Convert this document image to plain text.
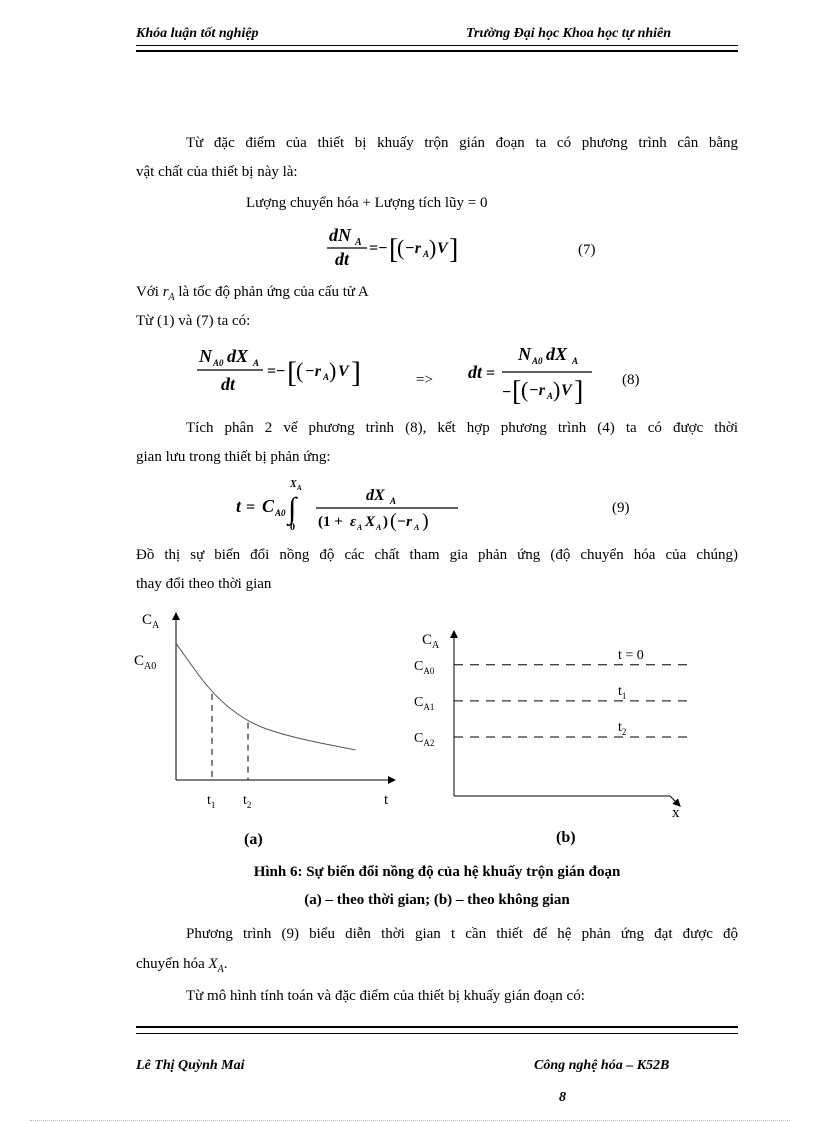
Khóa luận tốt nghiệp	Trường Đại học Khoa học tự nhiên
Từ đặc điểm của thiết bị khuấy trộn gián đoạn ta có phương trình cân bằng
vật chất của thiết bị này là:
Lượng chuyển hóa + Lượng tích lũy = 0
dN A
dt
=− [
( −r A ) V ]	(7)
Với $r_A$ là tốc độ phản ứng của cấu tử A
Từ (1) và (7) ta có:
N A0 dX A
dt
=− [ ( −r A ) V ]	=> dt =
N A0 dX A
− [ ( −r A ) V ]	(8)
Tích phân 2 vế phương trình (8), kết hợp phương trình (4) ta có được thời
gian lưu trong thiết bị phản ứng:
t = C A0
X A
∫
0
dX A
(1 + ε A X A ) ( −r A )
(9)
Đồ thị sự biến đổi nồng độ các chất tham gia phản ứng (độ chuyển hóa của chúng)
thay đổi theo thời gian
$C_A$
$C_{A0}$
t
$t_1$ $t_2$
(a)
$C_A$
x
$C_{A0}$
t = 0
$C_{A1}$
$t_1$
$C_{A2}$
$t_2$
(b)
Hình 6: Sự biến đổi nồng độ của hệ khuấy trộn gián đoạn
(a) – theo thời gian; (b) – theo không gian
Phương trình (9) biểu diễn thời gian t cần thiết để hệ phản ứng đạt được độ
chuyển hóa $X_A$.
Từ mô hình tính toán và đặc điểm của thiết bị khuấy gián đoạn có:
Lê Thị Quỳnh Mai	Công nghệ hóa – K52B
8
